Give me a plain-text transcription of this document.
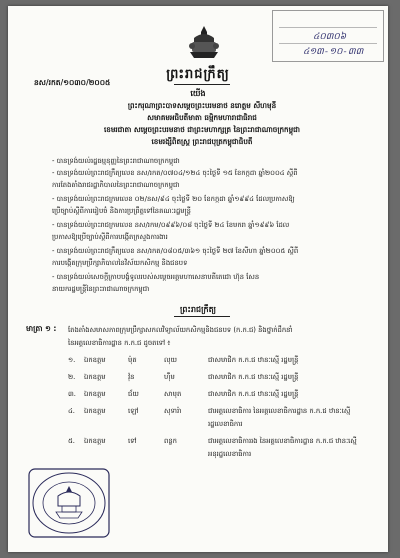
៤០៣០៦
៤១៣-១០-៣៣
នស/រកត/១០៣០/២០០៥
ព្រះរាជក្រឹត្យ
យើង
ព្រះករុណាព្រះបាទសម្តេចព្រះបរមនាថ នរោត្តម សីហមុនី
សមាគមអធិបតីមាតា ធម្មិកមហារាជាធិរាជ
ខេមរជាតា សម្តេចព្រះបរមនាថ ជាព្រះមហាក្សត្រ នៃព្រះរាជាណាចក្រកម្ពុជា
ខេមរង្សីពិតស្ត្រ ព្រះរាជបុត្រកម្ពុជាធិបតី
- បានទ្រង់យល់រដ្ឋធម្មនុញ្ញនៃព្រះរាជាណាចក្រកម្ពុជា
- បានទ្រង់យល់ព្រះរាជក្រឹត្យលេខ នស/រកត/០៧០៤/១២៤ ចុះថ្ងៃទី ១៥ ខែកក្កដា ឆ្នាំ២០០៤ ស្តីពី
ការតែងតាំងរាជរដ្ឋាភិបាលនៃព្រះរាជាណាចក្រកម្ពុជា
- បានទ្រង់យល់ព្រះរាជក្រមលេខ ០២/នស/៩៤ ចុះថ្ងៃទី ២០ ខែកក្កដា ឆ្នាំ១៩៩៤ ដែលប្រកាសឱ្យ
ប្រើច្បាប់ស្តីពីការរៀបចំ និងការប្រព្រឹត្តទៅនៃគណៈរដ្ឋមន្ត្រី
- បានទ្រង់យល់ព្រះរាជក្រមលេខ នស/រកម/០៩៩៦/០៨ ចុះថ្ងៃទី ២៤ ខែមករា ឆ្នាំ១៩៩៦ ដែល
ប្រកាសឱ្យប្រើច្បាប់ស្តីពីការបង្កើតក្រសួងការងារ
- បានទ្រង់យល់ព្រះរាជក្រឹត្យលេខ នស/រកត/០៨០៥/៣៦១ ចុះថ្ងៃទី ២៧ ខែសីហា ឆ្នាំ២០០៥ ស្តីពី
ការបង្កើតក្រុមប្រឹក្សាភិបាលនៃវិស័យកសិកម្ម និងជនបទ
- បានទ្រង់យល់សេចក្តីក្រាបបង្គំទូលរបស់សម្តេចអគ្គមហាសេនាបតីតេជោ ហ៊ុន សែន
នាយករដ្ឋមន្ត្រីនៃព្រះរាជាណាចក្រកម្ពុជា
ព្រះរាជក្រឹត្យ
មាត្រា ១ : តែងតាំងសមាសភាពក្រុមប្រឹក្សាសកលវិទ្យាល័យកសិកម្មនិងជនបទ (ក.ក.ជ) និងថ្នាក់ដឹកនាំ
នៃអគ្គលេខាធិការដ្ឋាន ក.ក.ជ ដូចតទៅ ៖
១. ឯកឧត្តម	ម៉ុត	លុយ	ជាសមាជិក ក.ក.ជ ឋានៈស្មើ រដ្ឋមន្ត្រី
២. ឯកឧត្តម	វ៉ុន	ហ៊ឹម	ជាសមាជិក ក.ក.ជ ឋានៈស្មើ រដ្ឋមន្ត្រី
៣. ឯកឧត្តម	ជ័យ	សាមុត	ជាសមាជិក ក.ក.ជ ឋានៈស្មើ រដ្ឋមន្ត្រី
៤. ឯកឧត្តម	ឡៅ	សុទារ៉ា	ជាអគ្គលេខាធិការ នៃអគ្គលេខាធិការដ្ឋាន ក.ក.ជ ឋានៈស្មើ
រដ្ឋលេខាធិការ
៥. ឯកឧត្តម	ទៅ	ពន្លក	ជាអគ្គលេខាធិការរង នៃអគ្គលេខាធិការដ្ឋាន ក.ក.ជ ឋានៈស្មើ
អនុរដ្ឋលេខាធិការ
